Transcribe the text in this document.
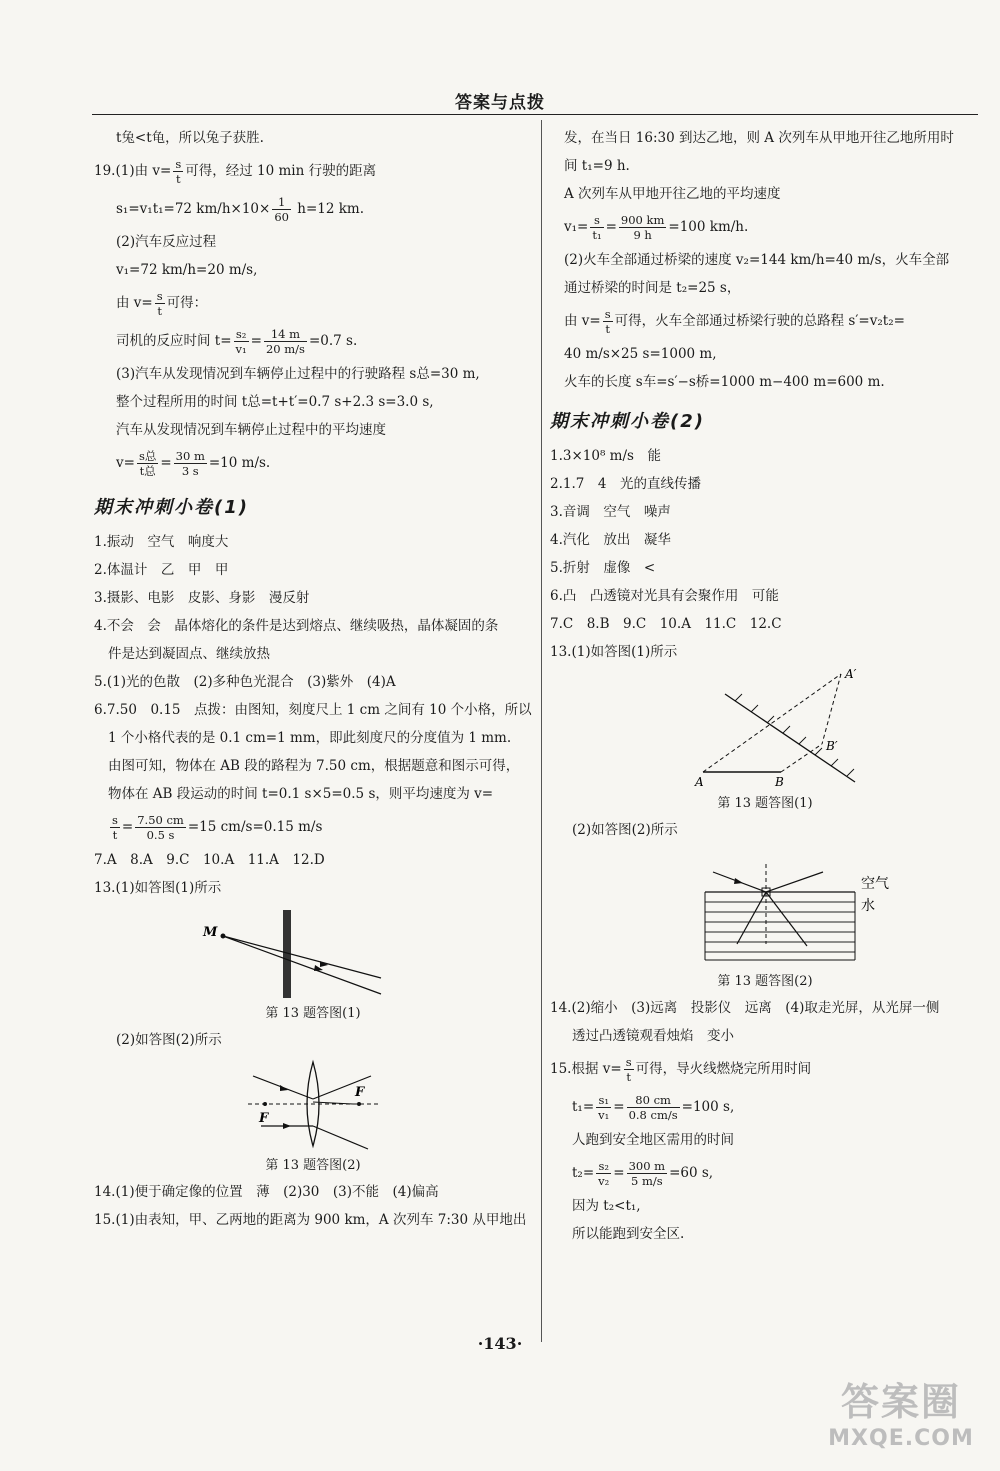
答案与点拨
t兔<t龟，所以兔子获胜.
19.(1)由 $v= \frac{s}{t}$ 可得，经过 10 min 行驶的距离
s₁=v₁t₁=72 $km/h\times 10\times \frac{1}{60} h=12$ km.
(2)汽车反应过程
v₁=72 km/h=20 m/s,
由 $v= \frac{s}{t}$ 可得：
司机的反应时间 $t= \frac{\text{s₂}}{\text{v₁}} = \frac{14 m}{20 m/s} =0.7$ s.
(3)汽车从发现情况到车辆停止过程中的行驶路程 s总=30 m,
整个过程所用的时间 t总=t+t′=0.7 s+2.3 s=3.0 s,
汽车从发现情况到车辆停止过程中的平均速度
$v= \frac{\text{s总}}{\text{t总}} = \frac{30 m}{3 s} =10$ m/s.
期末冲刺小卷(1)
1.振动　空气　响度大
2.体温计　乙　甲　甲
3.摄影、电影　皮影、身影　漫反射
4.不会　会　晶体熔化的条件是达到熔点、继续吸热，晶体凝固的条
件是达到凝固点、继续放热
5.(1)光的色散　(2)多种色光混合　(3)紫外　(4)A
6.7.50　0.15　点拨：由图知，刻度尺上 1 cm 之间有 10 个小格，所以
1 个小格代表的是 0.1 cm=1 mm，即此刻度尺的分度值为 1 mm.
由图可知，物体在 AB 段的路程为 7.50 cm，根据题意和图示可得，
物体在 AB 段运动的时间 t=0.1 s×5=0.5 s，则平均速度为 v=
$\frac{s}{t} = \frac{7.50 cm}{0.5 s} =15$ cm/s=0.15 m/s
7.A　8.A　9.C　10.A　11.A　12.D
13.(1)如答图(1)所示
M
第 13 题答图(1)
(2)如答图(2)所示
F
F
第 13 题答图(2)
14.(1)便于确定像的位置　薄　(2)30　(3)不能　(4)偏高
15.(1)由表知，甲、乙两地的距离为 900 km，A 次列车 7:30 从甲地出
发，在当日 16:30 到达乙地，则 A 次列车从甲地开往乙地所用时
间 t₁=9 h.
A 次列车从甲地开往乙地的平均速度
$v_1= \frac{s}{\text{t₁}} = \frac{900 km}{9 h} =100$ km/h.
(2)火车全部通过桥梁的速度 v₂=144 km/h=40 m/s，火车全部
通过桥梁的时间是 t₂=25 s，
由 $v= \frac{s}{t}$ 可得，火车全部通过桥梁行驶的总路程 s′=v₂t₂=
40 m/s×25 s=1000 m,
火车的长度 s车=s′−s桥=1000 m−400 m=600 m.
期末冲刺小卷(2)
1.3×10⁸ m/s　能
2.1.7　4　光的直线传播
3.音调　空气　噪声
4.汽化　放出　凝华
5.折射　虚像　<
6.凸　凸透镜对光具有会聚作用　可能
7.C　8.B　9.C　10.A　11.C　12.C
13.(1)如答图(1)所示
A	B
A′
B′
第 13 题答图(1)
(2)如答图(2)所示
空气
水
第 13 题答图(2)
14.(2)缩小　(3)远离　投影仪　远离　(4)取走光屏，从光屏一侧
透过凸透镜观看烛焰　变小
15.根据 $v= \frac{s}{t}$ 可得，导火线燃烧完所用时间
$t_1= \frac{\text{s₁}}{\text{v₁}} = \frac{80 cm}{0.8 cm/s} =100$ s,
人跑到安全地区需用的时间
$t_2= \frac{\text{s₂}}{\text{v₂}} = \frac{300 m}{5 m/s} =60$ s,
因为 t₂<t₁,
所以能跑到安全区.
·143·
答案圈
MXQE.COM
